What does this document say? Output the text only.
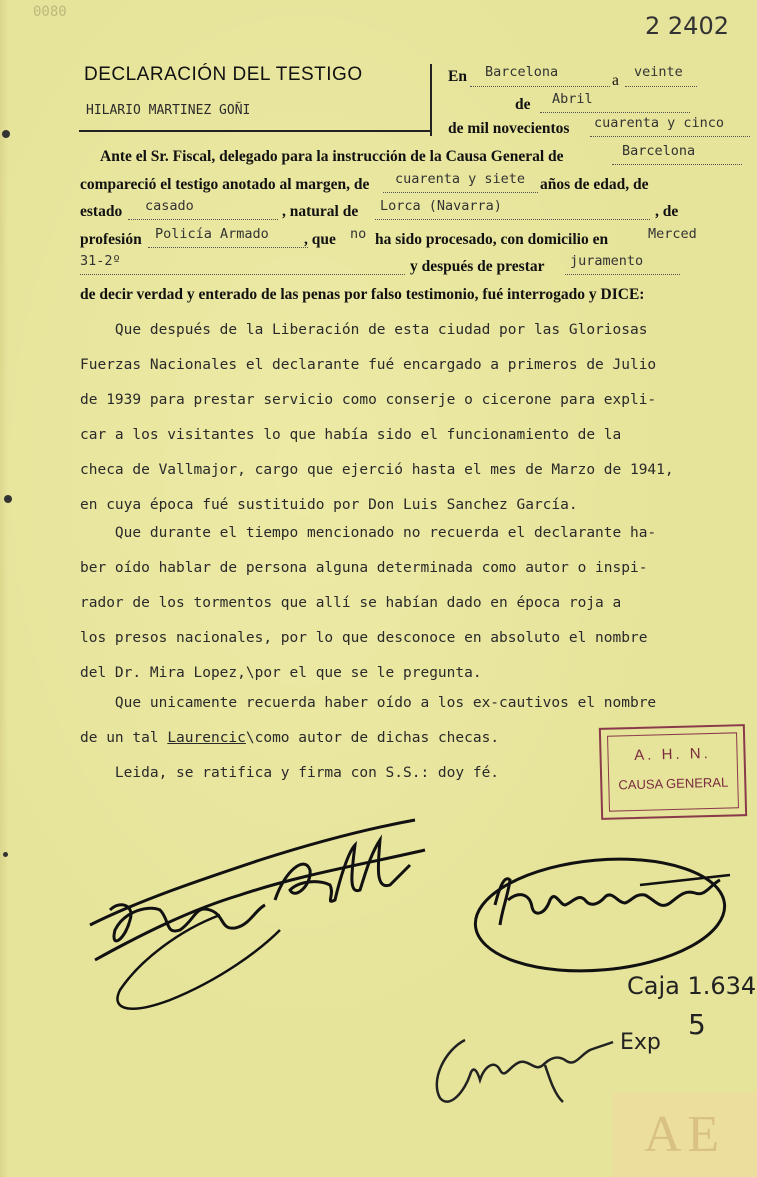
0080	2 2402
DECLARACIÓN DEL TESTIGO
HILARIO MARTINEZ GOÑI
En Barcelona	a veinte
de Abril
de mil novecientos cuarenta y cinco
Ante el Sr. Fiscal, delegado para la instrucción de la Causa General de	Barcelona
compareció el testigo anotado al margen, de cuarenta y siete años de edad, de
estado casado	, natural de Lorca (Navarra)	, de
profesión Policía Armado , que no ha sido procesado, con domicilio en	Merced
31-2º	y después de prestar juramento
de decir verdad y enterado de las penas por falso testimonio, fué interrogado y DICE:
Que después de la Liberación de esta ciudad por las Gloriosas
Fuerzas Nacionales el declarante fué encargado a primeros de Julio
de 1939 para prestar servicio como conserje o cicerone para expli-
car a los visitantes lo que había sido el funcionamiento de la
checa de Vallmajor, cargo que ejerció hasta el mes de Marzo de 1941,
en cuya época fué sustituido por Don Luis Sanchez García.
Que durante el tiempo mencionado no recuerda el declarante ha-
ber oído hablar de persona alguna determinada como autor o inspi-
rador de los tormentos que allí se habían dado en época roja a
los presos nacionales, por lo que desconoce en absoluto el nombre
del Dr. Mira Lopez,\por el que se le pregunta.
Que unicamente recuerda haber oído a los ex-cautivos el nombre
de un tal Laurencic\como autor de dichas checas.
Leida, se ratifica y firma con S.S.: doy fé.
A. H. N.
CAUSA GENERAL
Caja 1.634
Exp
5
AE
